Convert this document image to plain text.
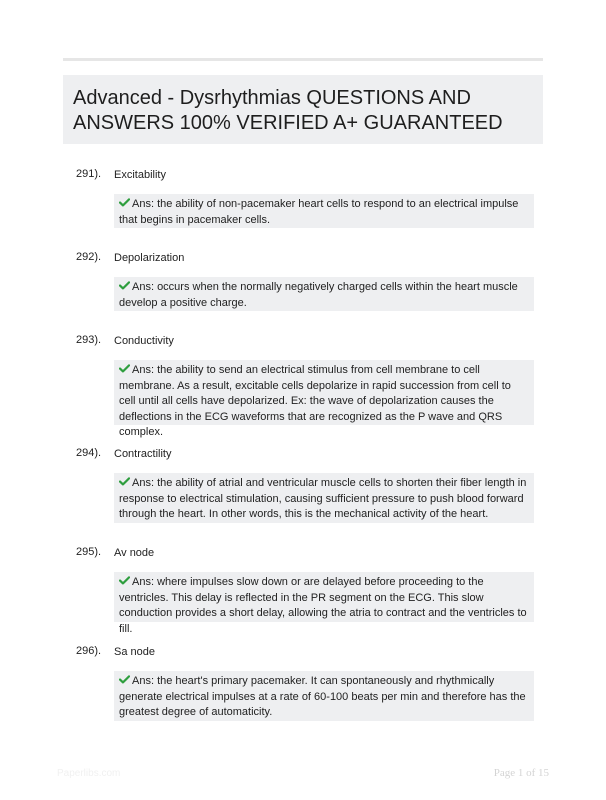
Advanced - Dysrhythmias QUESTIONS AND ANSWERS 100% VERIFIED A+ GUARANTEED
291). Excitability
Ans: the ability of non-pacemaker heart cells to respond to an electrical impulse that begins in pacemaker cells.
292). Depolarization
Ans: occurs when the normally negatively charged cells within the heart muscle develop a positive charge.
293). Conductivity
Ans: the ability to send an electrical stimulus from cell membrane to cell membrane. As a result, excitable cells depolarize in rapid succession from cell to cell until all cells have depolarized. Ex: the wave of depolarization causes the deflections in the ECG waveforms that are recognized as the P wave and QRS complex.
294). Contractility
Ans: the ability of atrial and ventricular muscle cells to shorten their fiber length in response to electrical stimulation, causing sufficient pressure to push blood forward through the heart. In other words, this is the mechanical activity of the heart.
295). Av node
Ans: where impulses slow down or are delayed before proceeding to the ventricles. This delay is reflected in the PR segment on the ECG. This slow conduction provides a short delay, allowing the atria to contract and the ventricles to fill.
296). Sa node
Ans: the heart's primary pacemaker. It can spontaneously and rhythmically generate electrical impulses at a rate of 60-100 beats per min and therefore has the greatest degree of automaticity.
Paperlibs.com	Page 1 of 15
